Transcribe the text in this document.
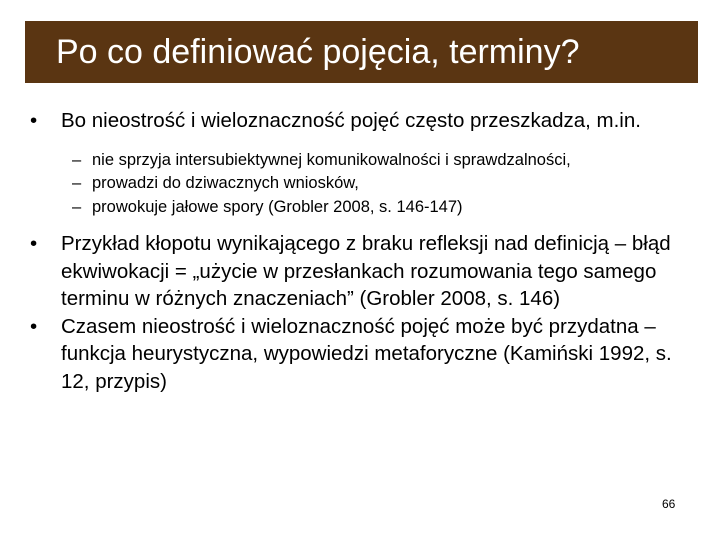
Po co definiować pojęcia, terminy?
• Bo nieostrość i wieloznaczność pojęć często przeszkadza, m.in.
– nie sprzyja intersubiektywnej komunikowalności i sprawdzalności,
– prowadzi do dziwacznych wniosków,
– prowokuje jałowe spory (Grobler 2008, s. 146-147)
• Przykład kłopotu wynikającego z braku refleksji nad definicją – błąd ekwiwokacji = „użycie w przesłankach rozumowania tego samego terminu w różnych znaczeniach” (Grobler 2008, s. 146)
• Czasem nieostrość i wieloznaczność pojęć może być przydatna – funkcja heurystyczna, wypowiedzi metaforyczne (Kamiński 1992, s. 12, przypis)
66
